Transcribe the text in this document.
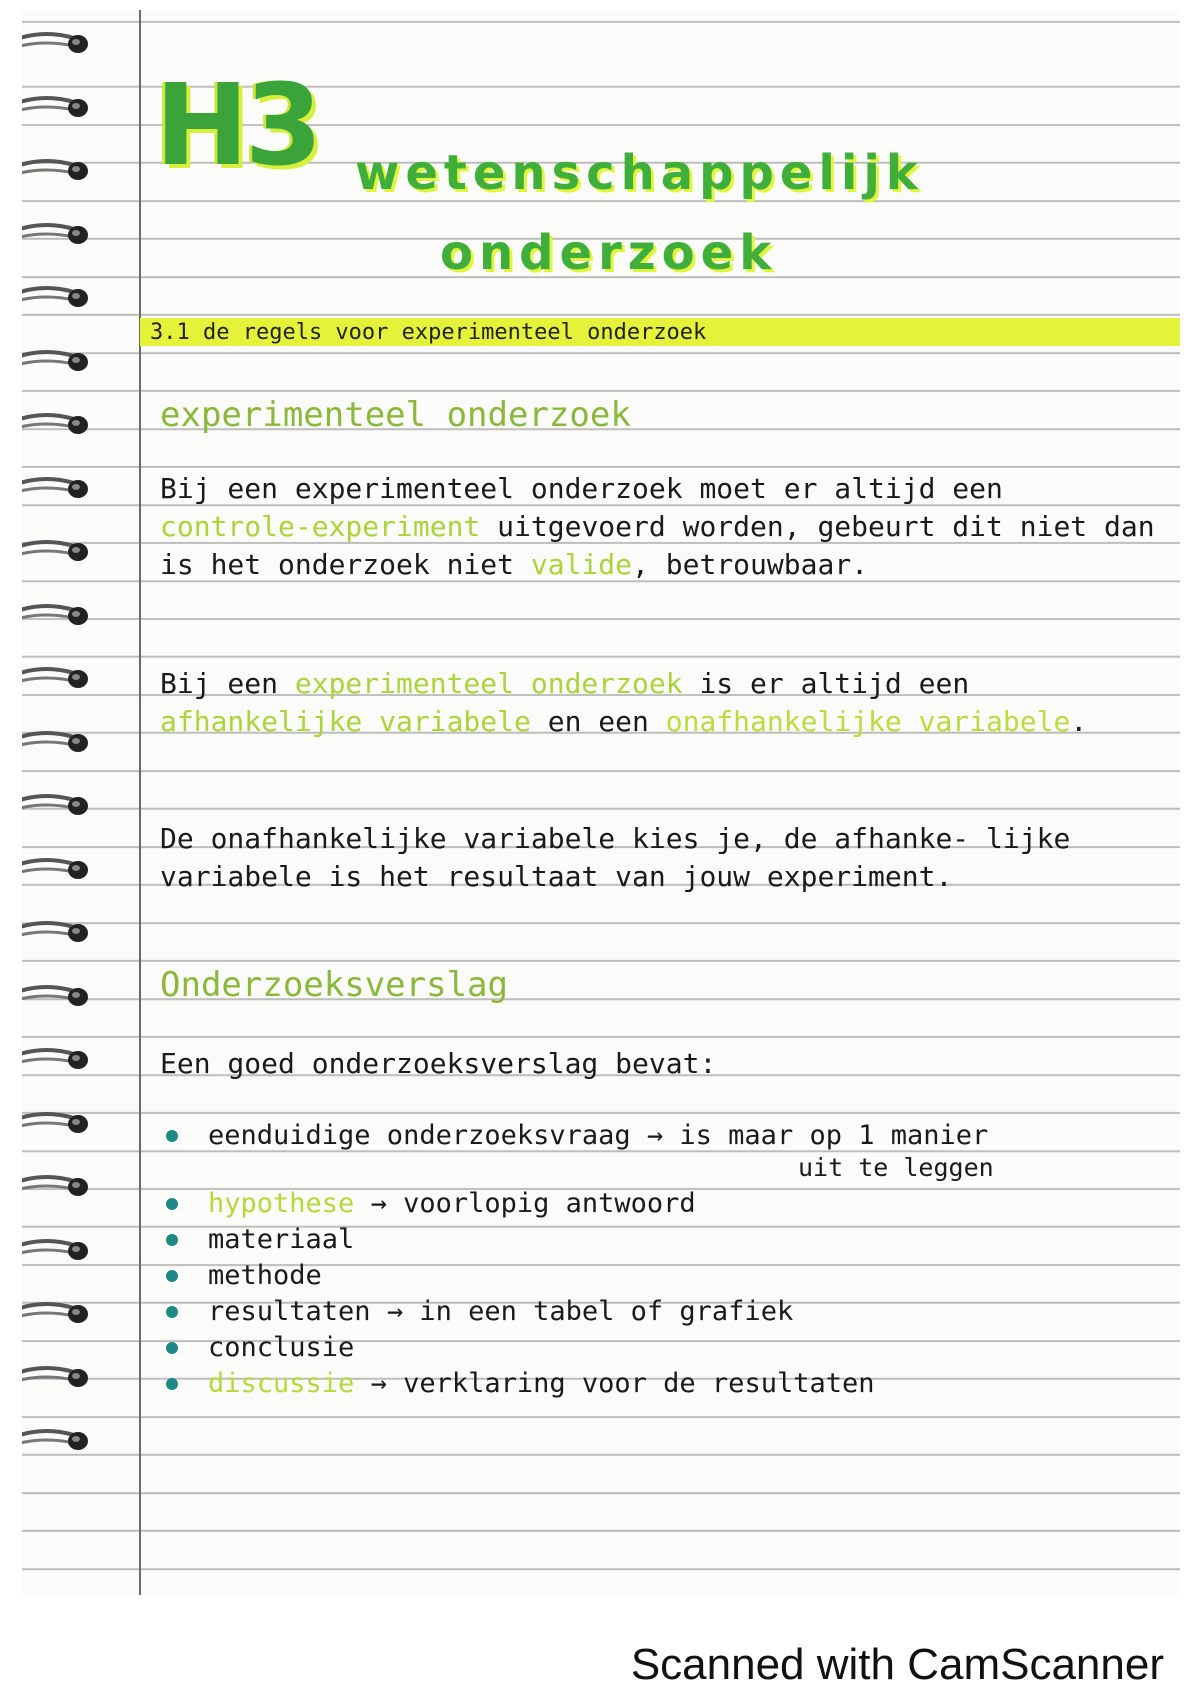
H3 wetenschappelijk
onderzoek
3.1 de regels voor experimenteel onderzoek
experimenteel onderzoek
Bij een experimenteel onderzoek moet er altijd een controle-experiment uitgevoerd worden, gebeurt dit niet dan is het onderzoek niet valide, betrouwbaar.
Bij een experimenteel onderzoek is er altijd een afhankelijke variabele en een onafhankelijke variabele.
De onafhankelijke variabele kies je, de afhanke- lijke variabele is het resultaat van jouw experiment.
Onderzoeksverslag
Een goed onderzoeksverslag bevat:
eenduidige onderzoeksvraag → is maar op 1 manier
uit te leggen
hypothese → voorlopig antwoord
materiaal
methode
resultaten → in een tabel of grafiek
conclusie
discussie → verklaring voor de resultaten
Scanned with CamScanner
